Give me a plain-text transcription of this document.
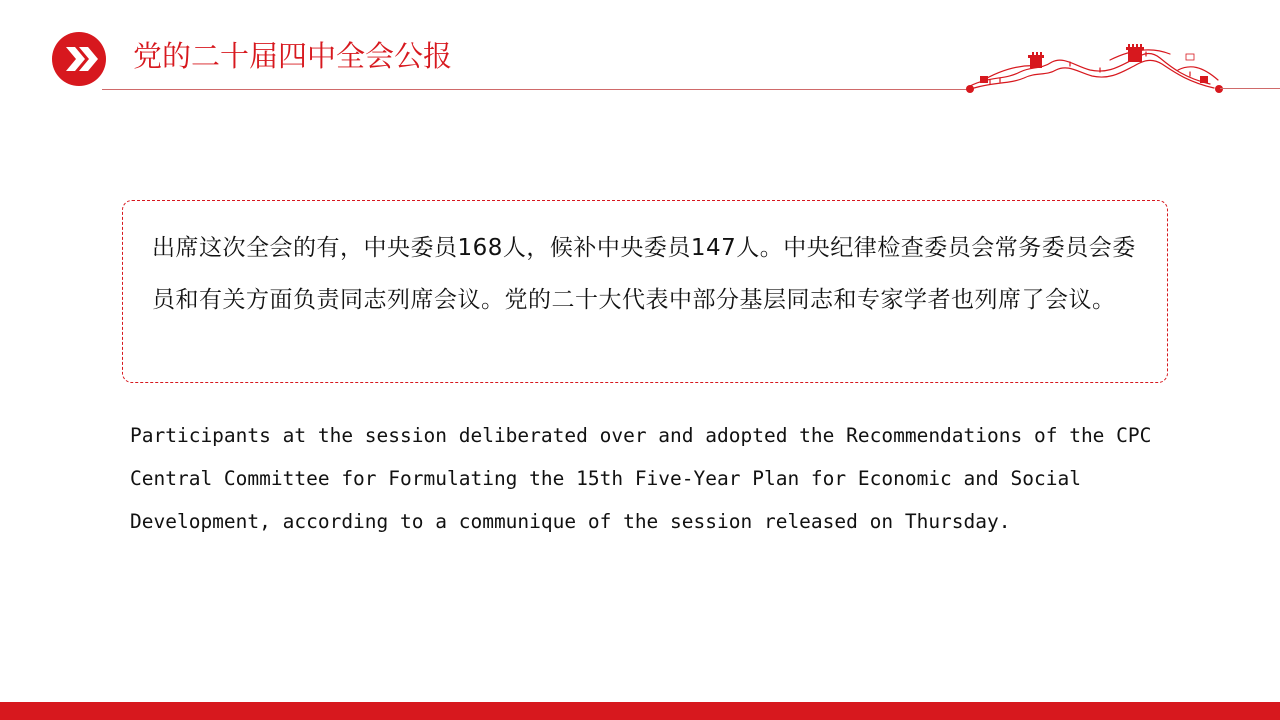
党的二十届四中全会公报

出席这次全会的有，中央委员168人，候补中央委员147人。中央纪律检查委员会常务委员会委员和有关方面负责同志列席会议。党的二十大代表中部分基层同志和专家学者也列席了会议。

Participants at the session deliberated over and adopted the Recommendations of the CPC Central Committee for Formulating the 15th Five-Year Plan for Economic and Social Development, according to a communique of the session released on Thursday.
